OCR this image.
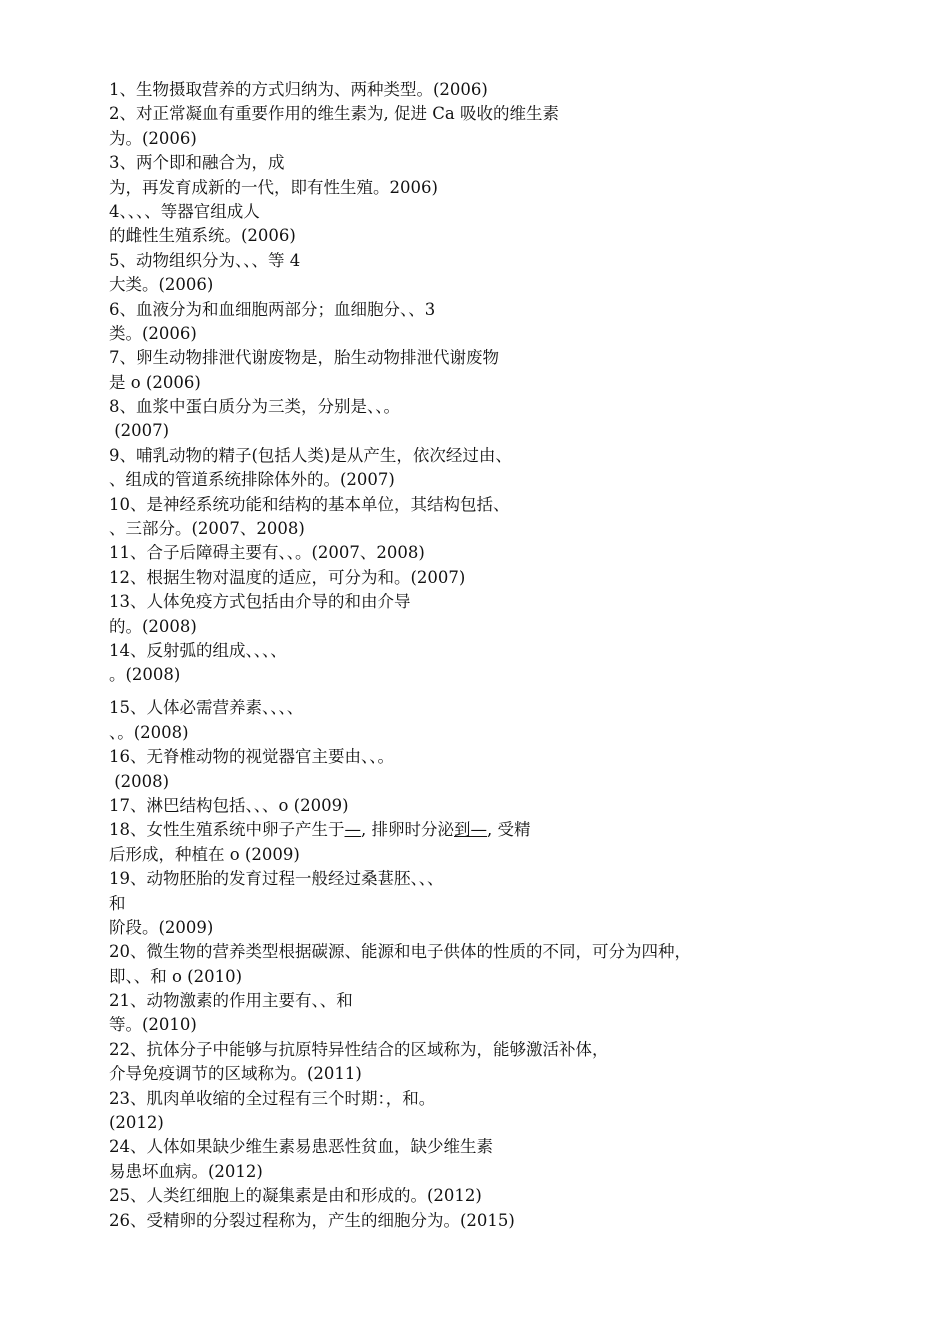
1、生物摄取营养的方式归纳为、两种类型。(2006)
2、对正常凝血有重要作用的维生素为, 促进 Ca 吸收的维生素
为。(2006)
3、两个即和融合为，成
为，再发育成新的一代，即有性生殖。2006)
4、、、、等器官组成人
的雌性生殖系统。(2006)
5、动物组织分为、、、等 4
大类。(2006)
6、血液分为和血细胞两部分；血细胞分、、3
类。(2006)
7、卵生动物排泄代谢废物是，胎生动物排泄代谢废物
是 o (2006)
8、血浆中蛋白质分为三类，分别是、、。
(2007)
9、哺乳动物的精子(包括人类)是从产生，依次经过由、
、组成的管道系统排除体外的。(2007)
10、是神经系统功能和结构的基本单位，其结构包括、
、三部分。(2007、2008)
11、合子后障碍主要有、、。(2007、2008)
12、根据生物对温度的适应，可分为和。(2007)
13、人体免疫方式包括由介导的和由介导
的。(2008)
14、反射弧的组成、、、、
。(2008)
15、人体必需营养素、、、、
、。(2008)
16、无脊椎动物的视觉器官主要由、、。
(2008)
17、淋巴结构包括、、、o (2009)
18、女性生殖系统中卵子产生于—, 排卵时分泌到—, 受精
后形成，种植在 o (2009)
19、动物胚胎的发育过程一般经过桑葚胚、、、
和
阶段。(2009)
20、微生物的营养类型根据碳源、能源和电子供体的性质的不同，可分为四种，
即、、和 o (2010)
21、动物激素的作用主要有、、和
等。(2010)
22、抗体分子中能够与抗原特异性结合的区域称为，能够激活补体，
介导免疫调节的区域称为。(2011)
23、肌肉单收缩的全过程有三个时期：，和。
(2012)
24、人体如果缺少维生素易患恶性贫血，缺少维生素
易患坏血病。(2012)
25、人类红细胞上的凝集素是由和形成的。(2012)
26、受精卵的分裂过程称为，产生的细胞分为。(2015)
